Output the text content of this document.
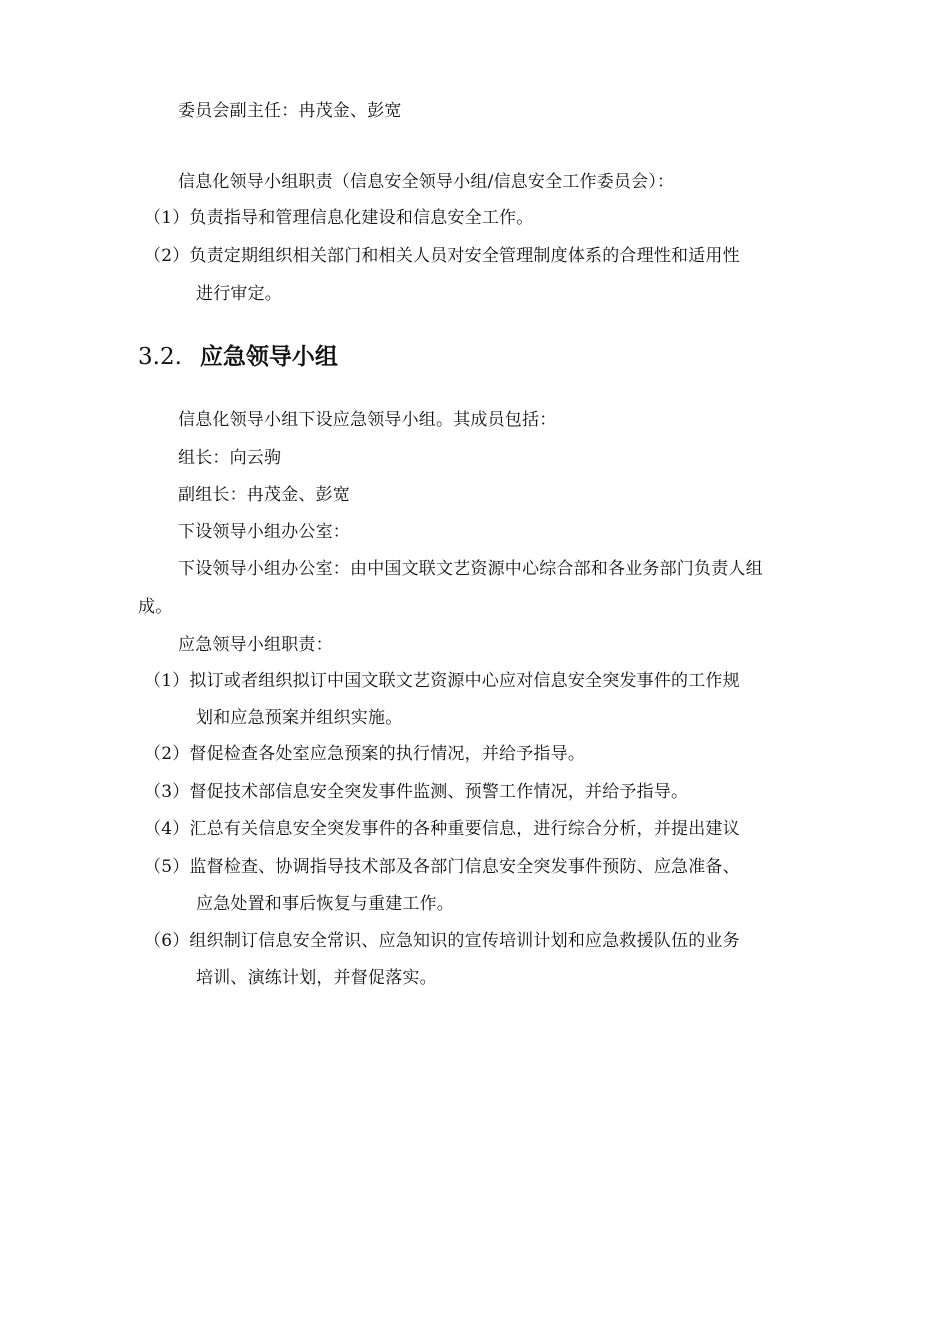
委员会副主任：冉茂金、彭宽
信息化领导小组职责（信息安全领导小组/信息安全工作委员会）：
（1）负责指导和管理信息化建设和信息安全工作。
（2）负责定期组织相关部门和相关人员对安全管理制度体系的合理性和适用性
进行审定。
3.2. 应急领导小组
信息化领导小组下设应急领导小组。其成员包括：
组长：向云驹
副组长：冉茂金、彭宽
下设领导小组办公室：
下设领导小组办公室：由中国文联文艺资源中心综合部和各业务部门负责人组
成。
应急领导小组职责：
（1）拟订或者组织拟订中国文联文艺资源中心应对信息安全突发事件的工作规
划和应急预案并组织实施。
（2）督促检查各处室应急预案的执行情况，并给予指导。
（3）督促技术部信息安全突发事件监测、预警工作情况，并给予指导。
（4）汇总有关信息安全突发事件的各种重要信息，进行综合分析，并提出建议
（5）监督检查、协调指导技术部及各部门信息安全突发事件预防、应急准备、
应急处置和事后恢复与重建工作。
（6）组织制订信息安全常识、应急知识的宣传培训计划和应急救援队伍的业务
培训、演练计划，并督促落实。
